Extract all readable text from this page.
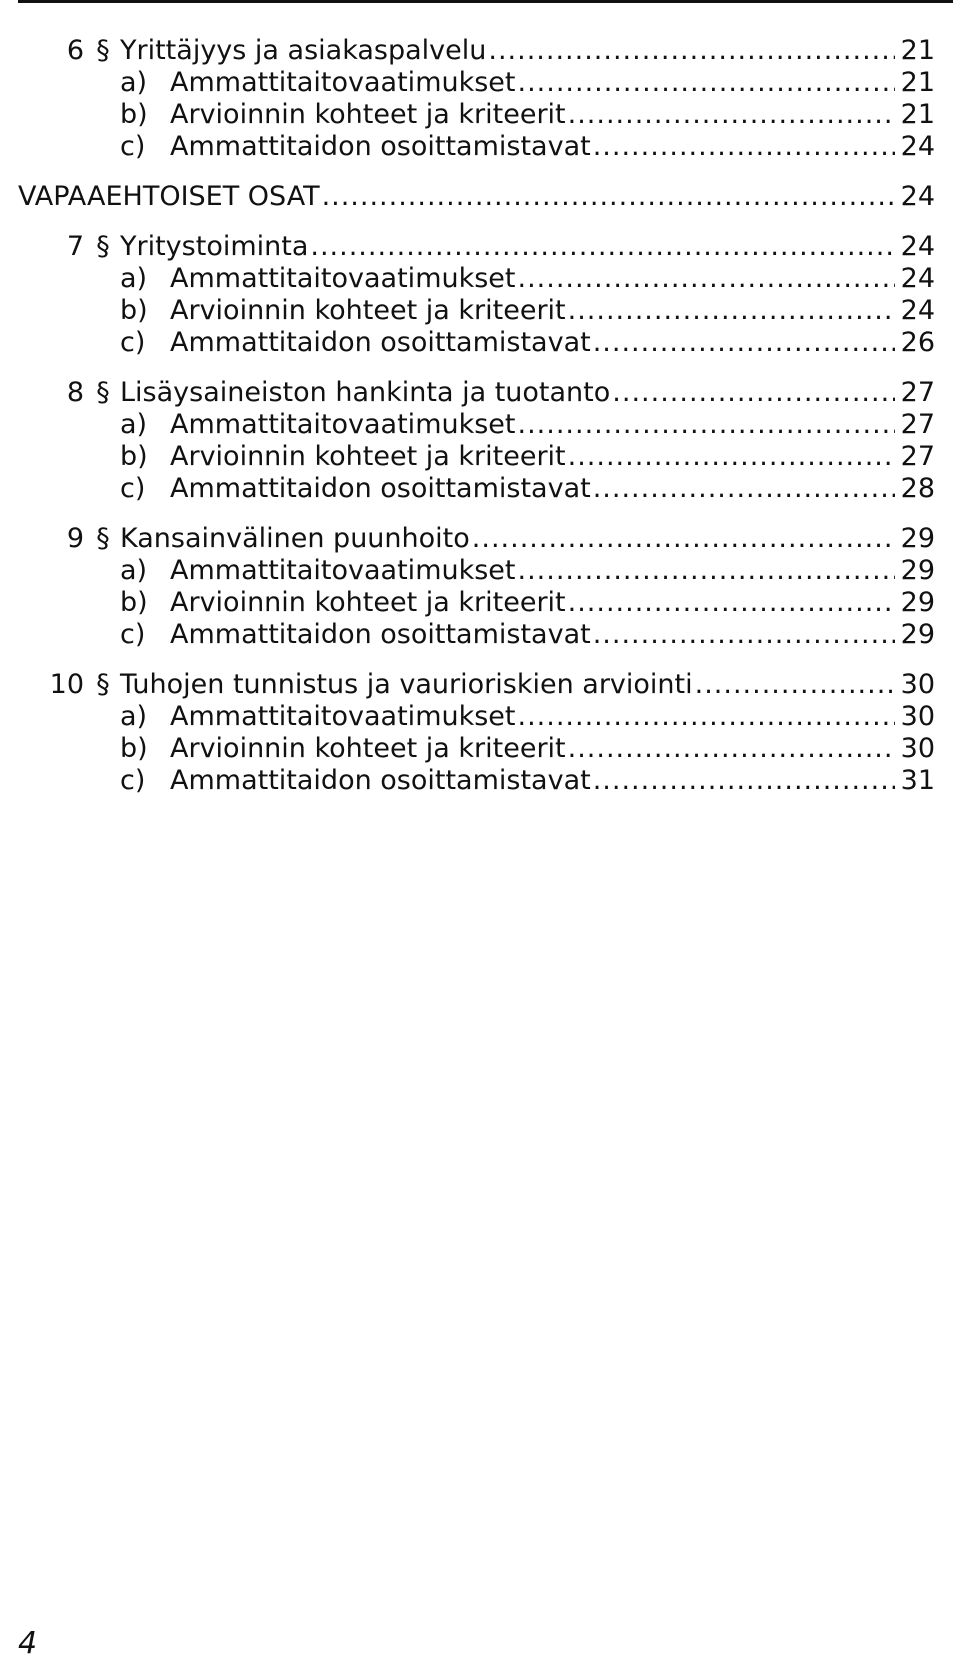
6 § Yrittäjyys ja asiakaspalvelu .....	21
a) Ammattitaitovaatimukset .....	21
b) Arvioinnin kohteet ja kriteerit .....	21
c) Ammattitaidon osoittamistavat .....	24
VAPAAEHTOISET OSAT .....	24
7 § Yritystoiminta .....	24
a) Ammattitaitovaatimukset .....	24
b) Arvioinnin kohteet ja kriteerit .....	24
c) Ammattitaidon osoittamistavat .....	26
8 § Lisäysaineiston hankinta ja tuotanto .....	27
a) Ammattitaitovaatimukset .....	27
b) Arvioinnin kohteet ja kriteerit .....	27
c) Ammattitaidon osoittamistavat .....	28
9 § Kansainvälinen puunhoito .....	29
a) Ammattitaitovaatimukset .....	29
b) Arvioinnin kohteet ja kriteerit .....	29
c) Ammattitaidon osoittamistavat .....	29
10 § Tuhojen tunnistus ja vaurioriskien arviointi .....	30
a) Ammattitaitovaatimukset .....	30
b) Arvioinnin kohteet ja kriteerit .....	30
c) Ammattitaidon osoittamistavat .....	31
4
